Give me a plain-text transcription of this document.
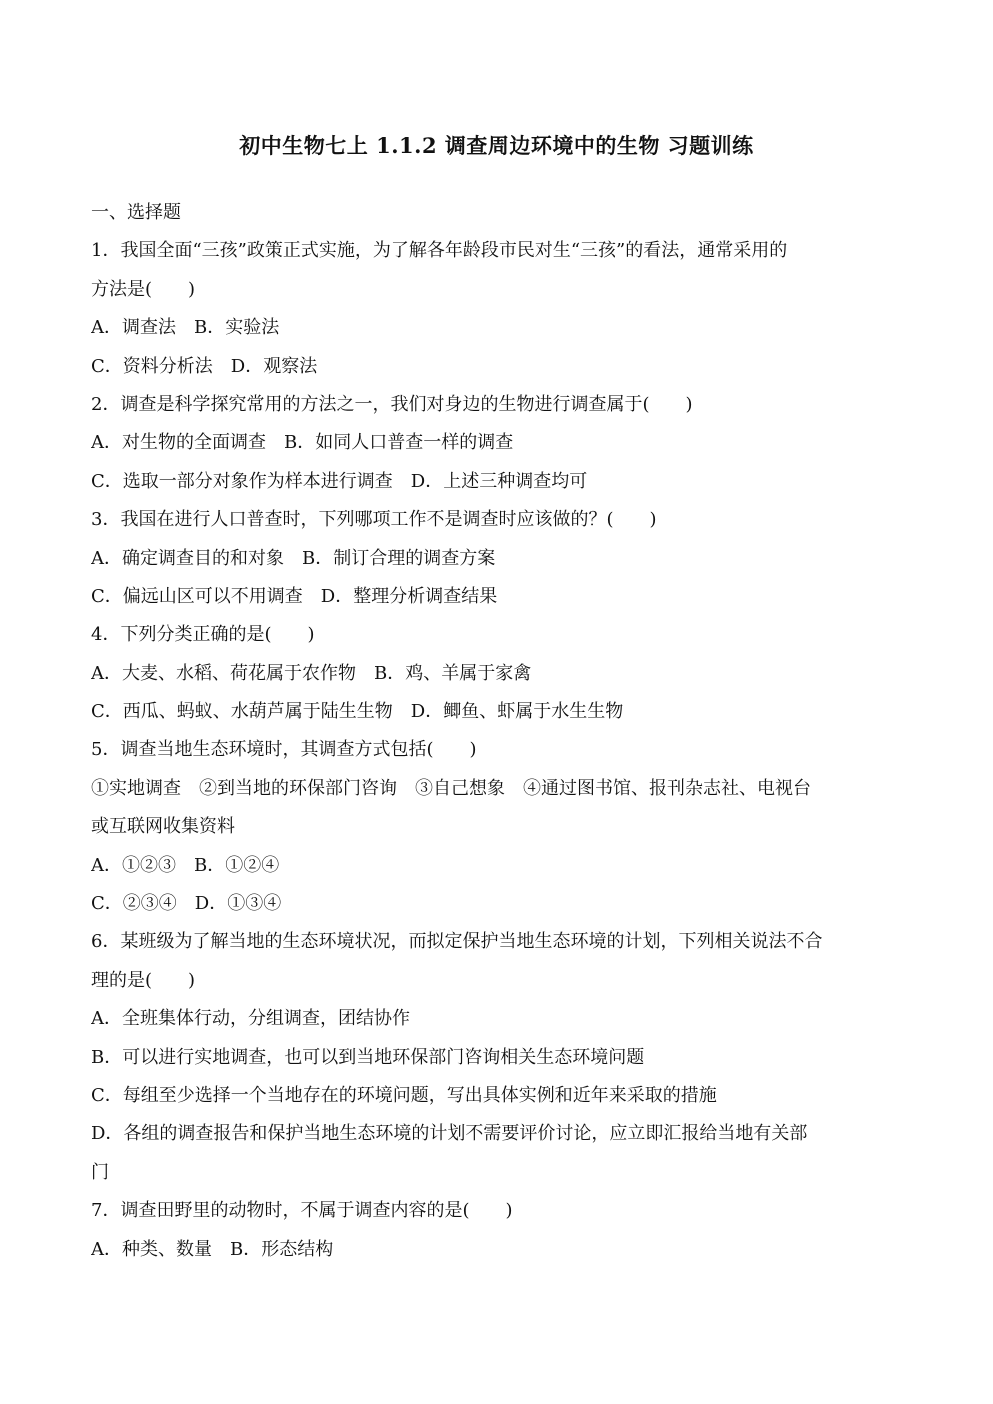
初中生物七上 1.1.2 调查周边环境中的生物 习题训练
一、选择题
1．我国全面“三孩”政策正式实施，为了解各年龄段市民对生“三孩”的看法，通常采用的
方法是(　　)
A．调查法 B．实验法
C．资料分析法 D．观察法
2．调查是科学探究常用的方法之一，我们对身边的生物进行调查属于(　　)
A．对生物的全面调查 B．如同人口普查一样的调查
C．选取一部分对象作为样本进行调查 D．上述三种调查均可
3．我国在进行人口普查时，下列哪项工作不是调查时应该做的？(　　)
A．确定调查目的和对象 B．制订合理的调查方案
C．偏远山区可以不用调查 D．整理分析调查结果
4．下列分类正确的是(　　)
A．大麦、水稻、荷花属于农作物 B．鸡、羊属于家禽
C．西瓜、蚂蚁、水葫芦属于陆生生物 D．鲫鱼、虾属于水生生物
5．调查当地生态环境时，其调查方式包括(　　)
①实地调查　②到当地的环保部门咨询　③自己想象　④通过图书馆、报刊杂志社、电视台
或互联网收集资料
A．①②③ B．①②④
C．②③④ D．①③④
6．某班级为了解当地的生态环境状况，而拟定保护当地生态环境的计划，下列相关说法不合
理的是(　　)
A．全班集体行动，分组调查，团结协作
B．可以进行实地调查，也可以到当地环保部门咨询相关生态环境问题
C．每组至少选择一个当地存在的环境问题，写出具体实例和近年来采取的措施
D．各组的调查报告和保护当地生态环境的计划不需要评价讨论，应立即汇报给当地有关部
门
7．调查田野里的动物时，不属于调查内容的是(　　)
A．种类、数量 B．形态结构
